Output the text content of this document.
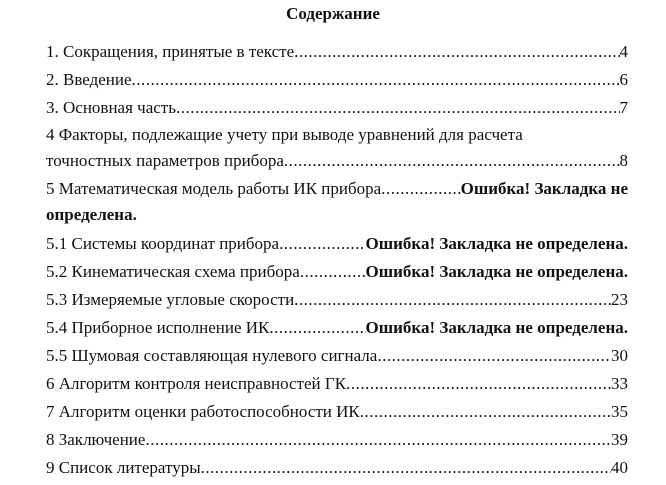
Содержание
1. Сокращения, принятые в тексте .....	4
2. Введение .....	6
3. Основная часть .....	7
4 Факторы, подлежащие учету при выводе уравнений для расчета
точностных параметров прибора .....	8
5 Математическая модель работы ИК прибора .....	Ошибка! Закладка не
определена.
5.1 Системы координат прибора .....	Ошибка! Закладка не определена.
5.2 Кинематическая схема прибора .....	Ошибка! Закладка не определена.
5.3 Измеряемые угловые скорости .....	23
5.4 Приборное исполнение ИК .....	Ошибка! Закладка не определена.
5.5 Шумовая составляющая нулевого сигнала .....	30
6 Алгоритм контроля неисправностей ГК .....	33
7 Алгоритм оценки работоспособности ИК .....	35
8 Заключение .....	39
9 Список литературы .....	40
